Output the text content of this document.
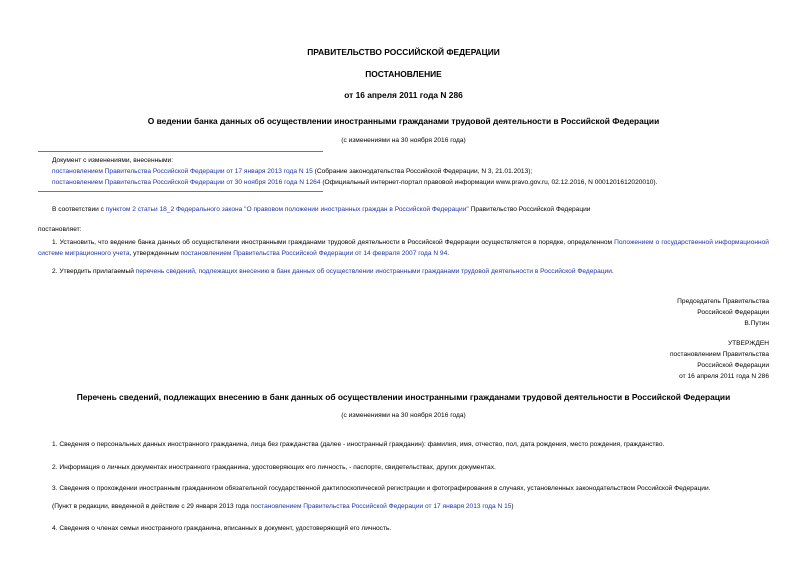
ПРАВИТЕЛЬСТВО РОССИЙСКОЙ ФЕДЕРАЦИИ
ПОСТАНОВЛЕНИЕ
от 16 апреля 2011 года N 286
О ведении банка данных об осуществлении иностранными гражданами трудовой деятельности в Российской Федерации
(с изменениями на 30 ноября 2016 года)
Документ с изменениями, внесенными:
постановлением Правительства Российской Федерации от 17 января 2013 года N 15 (Собрание законодательства Российской Федерации, N 3, 21.01.2013);
постановлением Правительства Российской Федерации от 30 ноября 2016 года N 1264 (Официальный интернет-портал правовой информации www.pravo.gov.ru, 02.12.2016, N 0001201612020010).
В соответствии с пунктом 2 статьи 18_2 Федерального закона "О правовом положении иностранных граждан в Российской Федерации" Правительство Российской Федерации
постановляет:
1. Установить, что ведение банка данных об осуществлении иностранными гражданами трудовой деятельности в Российской Федерации осуществляется в порядке, определенном Положением о государственной информационной системе миграционного учета, утвержденным постановлением Правительства Российской Федерации от 14 февраля 2007 года N 94.
2. Утвердить прилагаемый перечень сведений, подлежащих внесению в банк данных об осуществлении иностранными гражданами трудовой деятельности в Российской Федерации.
Председатель Правительства
Российской Федерации
В.Путин
УТВЕРЖДЕН
постановлением Правительства
Российской Федерации
от 16 апреля 2011 года N 286
Перечень сведений, подлежащих внесению в банк данных об осуществлении иностранными гражданами трудовой деятельности в Российской Федерации
(с изменениями на 30 ноября 2016 года)
1. Сведения о персональных данных иностранного гражданина, лица без гражданства (далее - иностранный гражданин): фамилия, имя, отчество, пол, дата рождения, место рождения, гражданство.
2. Информация о личных документах иностранного гражданина, удостоверяющих его личность, - паспорте, свидетельствах, других документах.
3. Сведения о прохождении иностранным гражданином обязательной государственной дактилоскопической регистрации и фотографирования в случаях, установленных законодательством Российской Федерации.
(Пункт в редакции, введенной в действие с 29 января 2013 года постановлением Правительства Российской Федерации от 17 января 2013 года N 15)
4. Сведения о членах семьи иностранного гражданина, вписанных в документ, удостоверяющий его личность.
